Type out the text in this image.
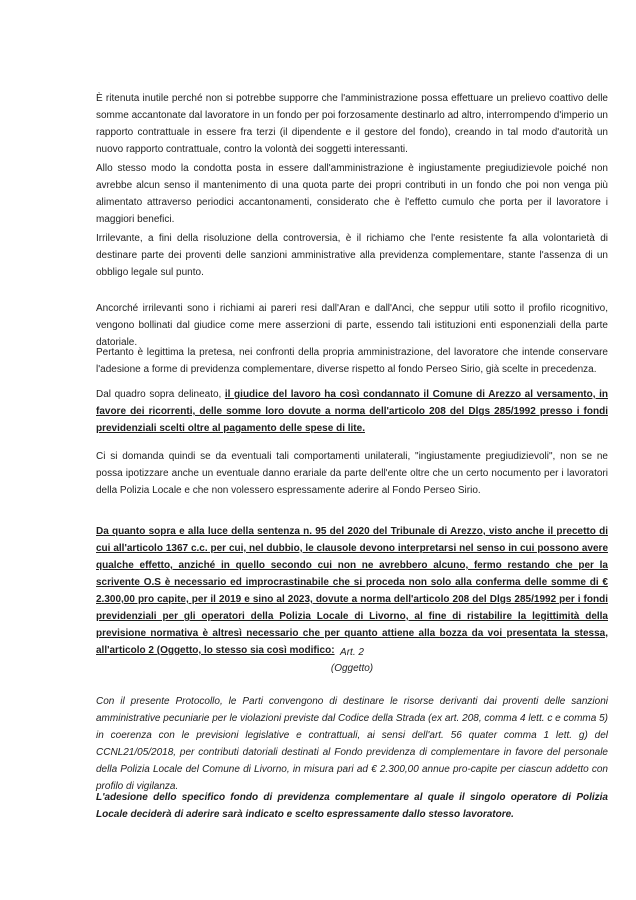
È ritenuta inutile perché non si potrebbe supporre che l'amministrazione possa effettuare un prelievo coattivo delle somme accantonate dal lavoratore in un fondo per poi forzosamente destinarlo ad altro, interrompendo d'imperio un rapporto contrattuale in essere fra terzi (il dipendente e il gestore del fondo), creando in tal modo d'autorità un nuovo rapporto contrattuale, contro la volontà dei soggetti interessanti.

Allo stesso modo la condotta posta in essere dall'amministrazione è ingiustamente pregiudizievole poiché non avrebbe alcun senso il mantenimento di una quota parte dei propri contributi in un fondo che poi non venga più alimentato attraverso periodici accantonamenti, considerato che è l'effetto cumulo che porta per il lavoratore i maggiori benefici.

Irrilevante, a fini della risoluzione della controversia, è il richiamo che l'ente resistente fa alla volontarietà di destinare parte dei proventi delle sanzioni amministrative alla previdenza complementare, stante l'assenza di un obbligo legale sul punto.

Ancorché irrilevanti sono i richiami ai pareri resi dall'Aran e dall'Anci, che seppur utili sotto il profilo ricognitivo, vengono bollinati dal giudice come mere asserzioni di parte, essendo tali istituzioni enti esponenziali della parte datoriale.

Pertanto è legittima la pretesa, nei confronti della propria amministrazione, del lavoratore che intende conservare l'adesione a forme di previdenza complementare, diverse rispetto al fondo Perseo Sirio, già scelte in precedenza.

Dal quadro sopra delineato, il giudice del lavoro ha così condannato il Comune di Arezzo al versamento, in favore dei ricorrenti, delle somme loro dovute a norma dell'articolo 208 del Dlgs 285/1992 presso i fondi previdenziali scelti oltre al pagamento delle spese di lite.

Ci si domanda quindi se da eventuali tali comportamenti unilaterali, "ingiustamente pregiudizievoli", non se ne possa ipotizzare anche un eventuale danno erariale da parte dell'ente oltre che un certo nocumento per i lavoratori della Polizia Locale e che non volessero espressamente aderire al Fondo Perseo Sirio.

Da quanto sopra e alla luce della sentenza n. 95 del 2020 del Tribunale di Arezzo, visto anche il precetto di cui all'articolo 1367 c.c. per cui, nel dubbio, le clausole devono interpretarsi nel senso in cui possono avere qualche effetto, anziché in quello secondo cui non ne avrebbero alcuno, fermo restando che per la scrivente O.S è necessario ed improcrastinabile che si proceda non solo alla conferma delle somme di € 2.300,00 pro capite, per il 2019 e sino al 2023, dovute a norma dell'articolo 208 del Dlgs 285/1992 per i fondi previdenziali per gli operatori della Polizia Locale di Livorno, al fine di ristabilire la legittimità della previsione normativa è altresì necessario che per quanto attiene alla bozza da voi presentata la stessa, all'articolo 2 (Oggetto, lo stesso sia così modifico: Art. 2

(Oggetto)

Con il presente Protocollo, le Parti convengono di destinare le risorse derivanti dai proventi delle sanzioni amministrative pecuniarie per le violazioni previste dal Codice della Strada (ex art. 208, comma 4 lett. c e comma 5) in coerenza con le previsioni legislative e contrattuali, ai sensi dell'art. 56 quater comma 1 lett. g) del CCNL21/05/2018, per contributi datoriali destinati al Fondo previdenza di complementare in favore del personale della Polizia Locale del Comune di Livorno, in misura pari ad € 2.300,00 annue pro-capite per ciascun addetto con profilo di vigilanza.

L'adesione dello specifico fondo di previdenza complementare al quale il singolo operatore di Polizia Locale deciderà di aderire sarà indicato e scelto espressamente dallo stesso lavoratore.
